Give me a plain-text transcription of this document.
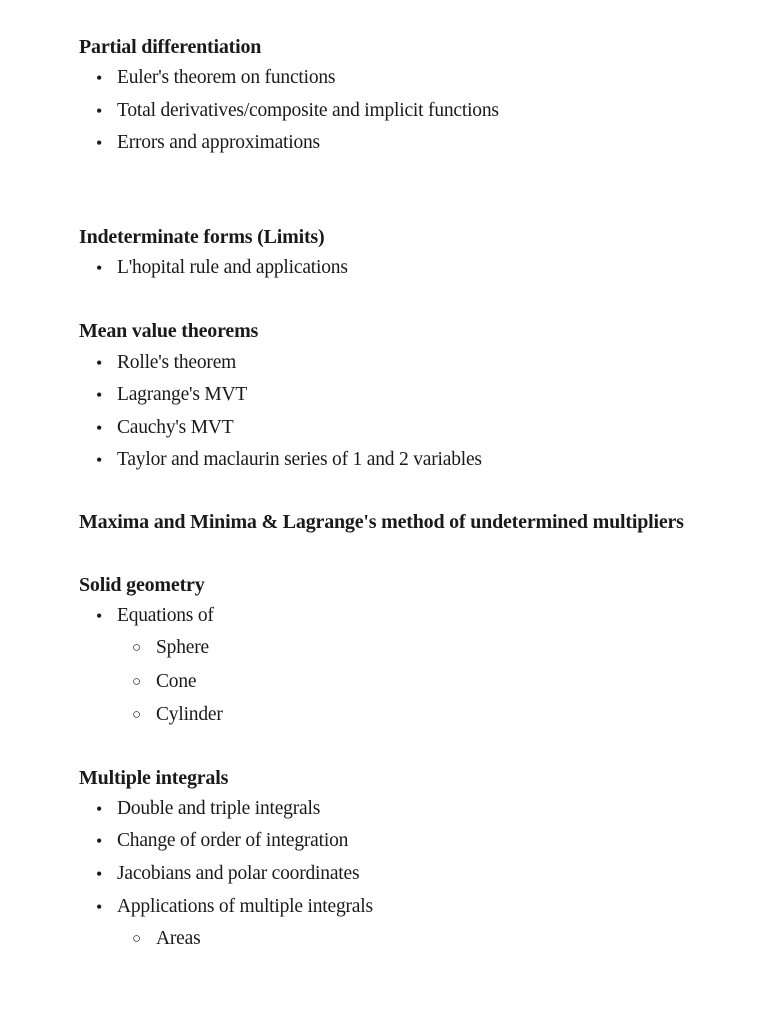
Partial differentiation
• Euler's theorem on functions
• Total derivatives/composite and implicit functions
• Errors and approximations
Indeterminate forms (Limits)
• L'hopital rule and applications
Mean value theorems
• Rolle's theorem
• Lagrange's MVT
• Cauchy's MVT
• Taylor and maclaurin series of 1 and 2 variables
Maxima and Minima & Lagrange's method of undetermined multipliers
Solid geometry
• Equations of
○ Sphere
○ Cone
○ Cylinder
Multiple integrals
• Double and triple integrals
• Change of order of integration
• Jacobians and polar coordinates
• Applications of multiple integrals
○ Areas
